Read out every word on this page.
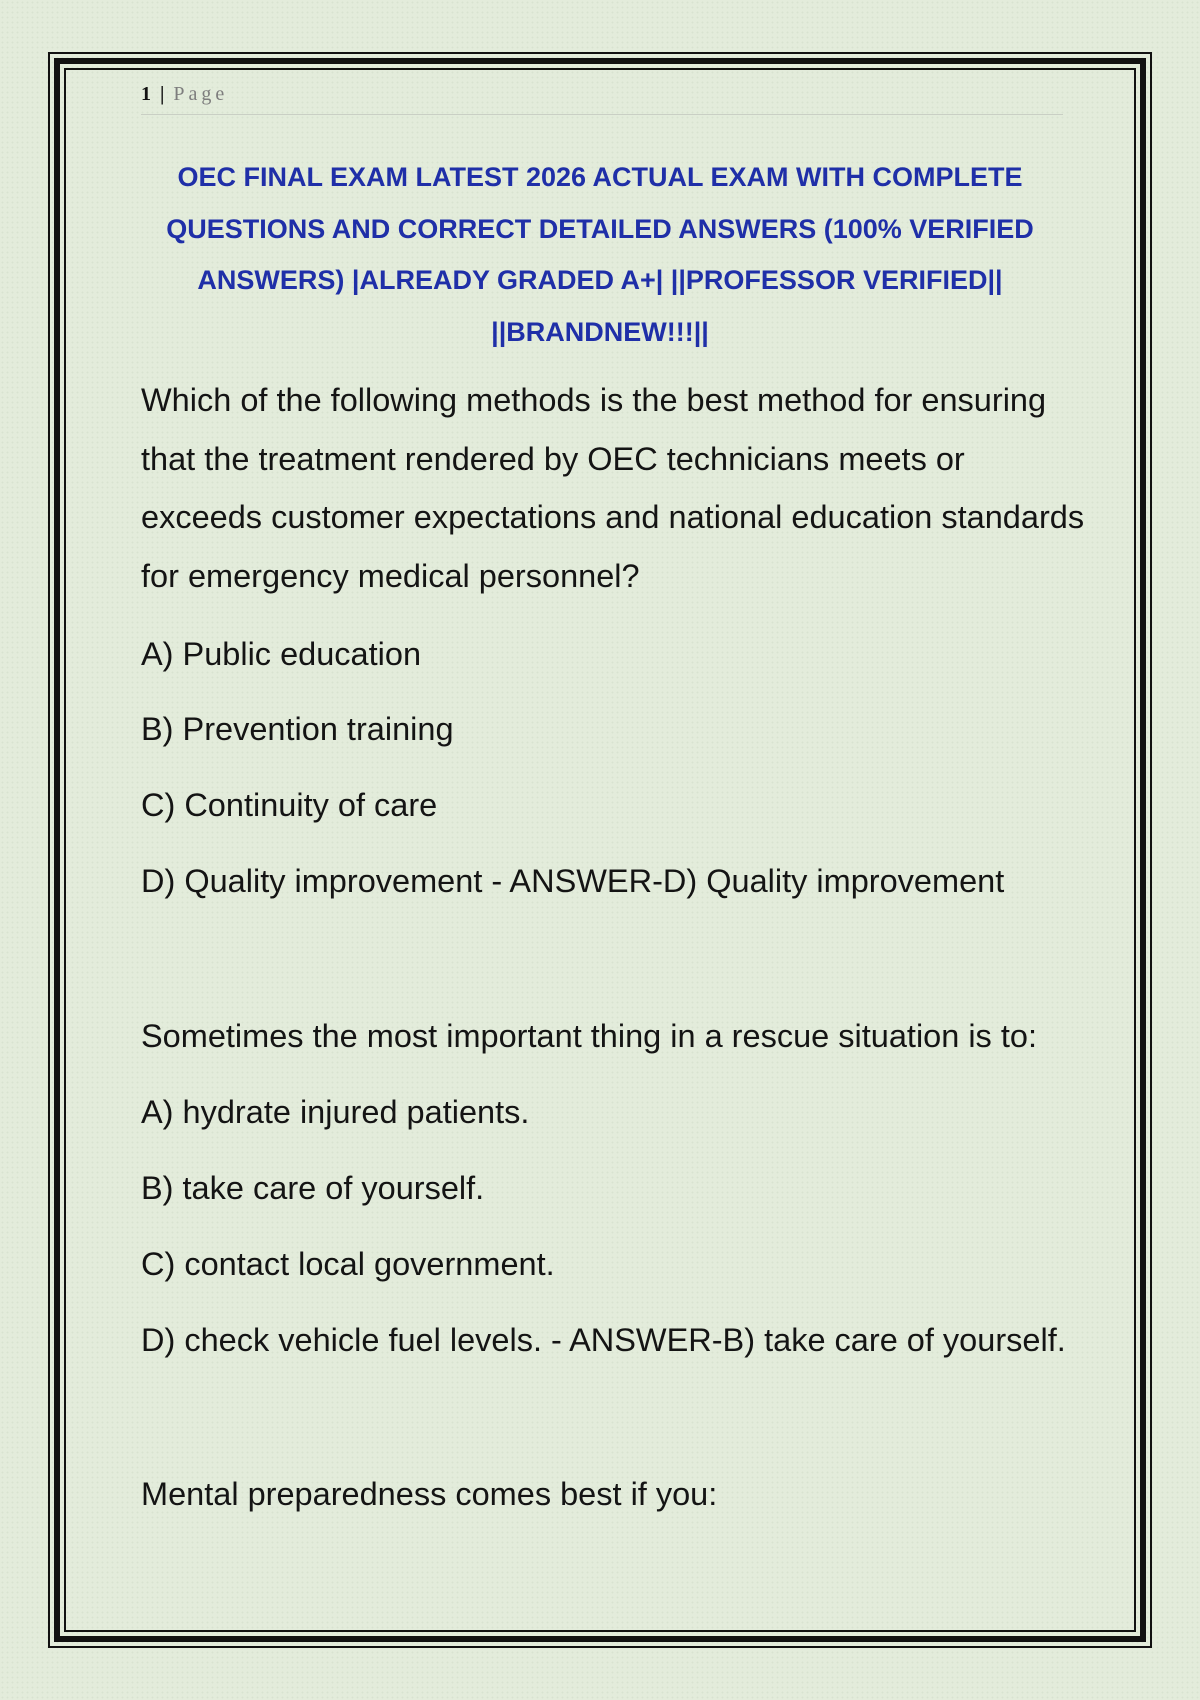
1 | Page
OEC FINAL EXAM LATEST 2026 ACTUAL EXAM WITH COMPLETE QUESTIONS AND CORRECT DETAILED ANSWERS (100% VERIFIED ANSWERS) |ALREADY GRADED A+| ||PROFESSOR VERIFIED|| ||BRANDNEW!!!||

Which of the following methods is the best method for ensuring

that the treatment rendered by OEC technicians meets or

exceeds customer expectations and national education standards

for emergency medical personnel?

A) Public education

B) Prevention training

C) Continuity of care

D) Quality improvement - ANSWER-D) Quality improvement

Sometimes the most important thing in a rescue situation is to:

A) hydrate injured patients.

B) take care of yourself.

C) contact local government.

D) check vehicle fuel levels. - ANSWER-B) take care of yourself.

Mental preparedness comes best if you:
